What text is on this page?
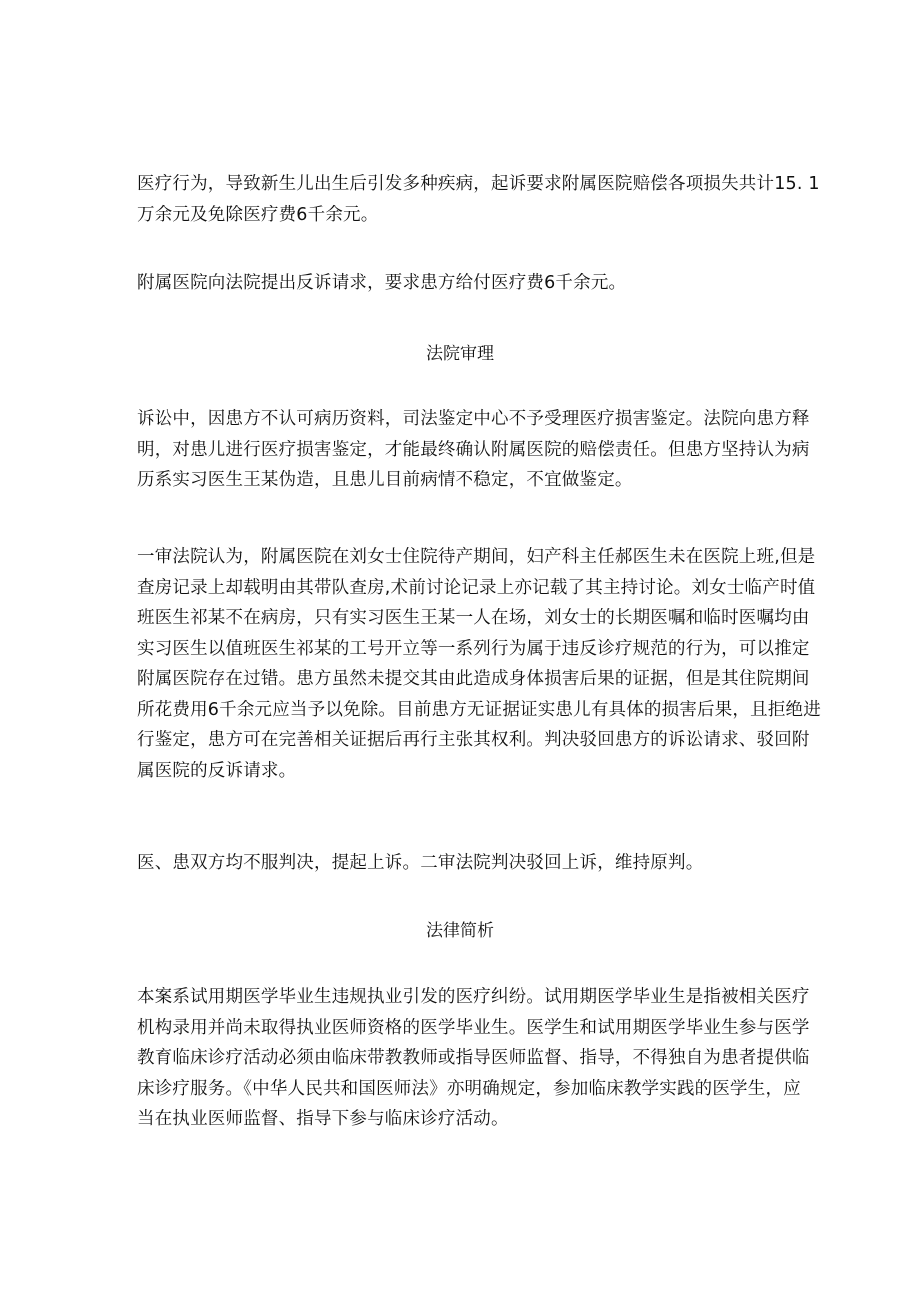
医疗行为，导致新生儿出生后引发多种疾病，起诉要求附属医院赔偿各项损失共计15. 1
万余元及免除医疗费6千余元。

附属医院向法院提出反诉请求，要求患方给付医疗费6千余元。

法院审理

诉讼中，因患方不认可病历资料，司法鉴定中心不予受理医疗损害鉴定。法院向患方释
明，对患儿进行医疗损害鉴定，才能最终确认附属医院的赔偿责任。但患方坚持认为病
历系实习医生王某伪造，且患儿目前病情不稳定，不宜做鉴定。

一审法院认为，附属医院在刘女士住院待产期间，妇产科主任郝医生未在医院上班,但是
查房记录上却载明由其带队查房,术前讨论记录上亦记载了其主持讨论。刘女士临产时值
班医生祁某不在病房，只有实习医生王某一人在场，刘女士的长期医嘱和临时医嘱均由
实习医生以值班医生祁某的工号开立等一系列行为属于违反诊疗规范的行为，可以推定
附属医院存在过错。患方虽然未提交其由此造成身体损害后果的证据，但是其住院期间
所花费用6千余元应当予以免除。目前患方无证据证实患儿有具体的损害后果，且拒绝进
行鉴定，患方可在完善相关证据后再行主张其权利。判决驳回患方的诉讼请求、驳回附
属医院的反诉请求。

医、患双方均不服判决，提起上诉。二审法院判决驳回上诉，维持原判。

法律简析

本案系试用期医学毕业生违规执业引发的医疗纠纷。试用期医学毕业生是指被相关医疗
机构录用并尚未取得执业医师资格的医学毕业生。医学生和试用期医学毕业生参与医学
教育临床诊疗活动必须由临床带教教师或指导医师监督、指导，不得独自为患者提供临
床诊疗服务。《中华人民共和国医师法》亦明确规定，参加临床教学实践的医学生，应
当在执业医师监督、指导下参与临床诊疗活动。
